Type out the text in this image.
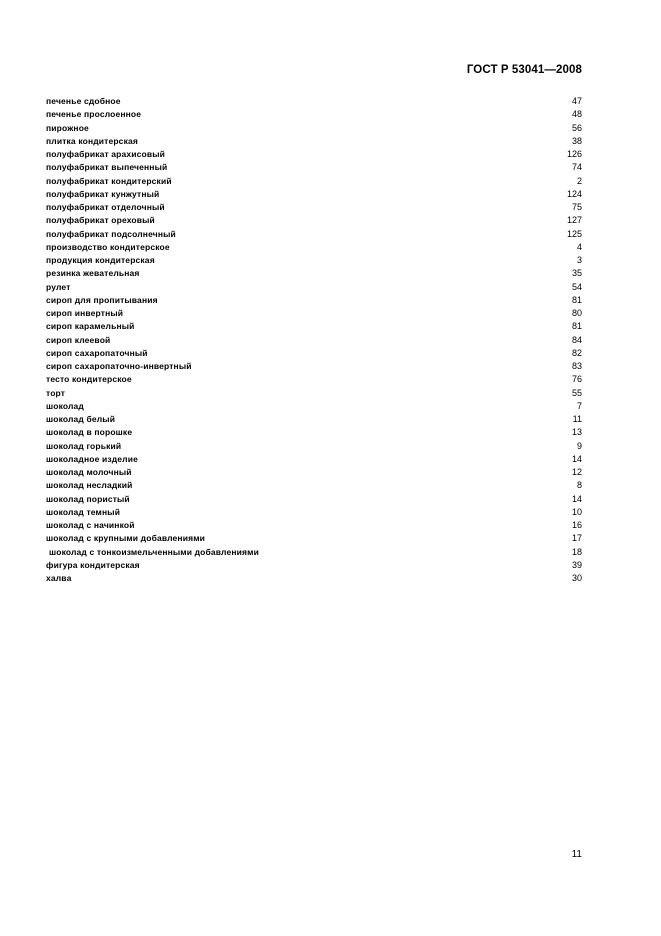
ГОСТ Р 53041—2008
печенье сдобное	47
печенье прослоенное	48
пирожное	56
плитка кондитерская	38
полуфабрикат арахисовый	126
полуфабрикат выпеченный	74
полуфабрикат кондитерский	2
полуфабрикат кунжутный	124
полуфабрикат отделочный	75
полуфабрикат ореховый	127
полуфабрикат подсолнечный	125
производство кондитерское	4
продукция кондитерская	3
резинка жевательная	35
рулет	54
сироп для пропитывания	81
сироп инвертный	80
сироп карамельный	81
сироп клеевой	84
сироп сахаропаточный	82
сироп сахаропаточно-инвертный	83
тесто кондитерское	76
торт	55
шоколад	7
шоколад белый	11
шоколад в порошке	13
шоколад горький	9
шоколадное изделие	14
шоколад молочный	12
шоколад несладкий	8
шоколад пористый	14
шоколад темный	10
шоколад с начинкой	16
шоколад с крупными добавлениями	17
шоколад с тонкоизмельченными добавлениями	18
фигура кондитерская	39
халва	30
11
